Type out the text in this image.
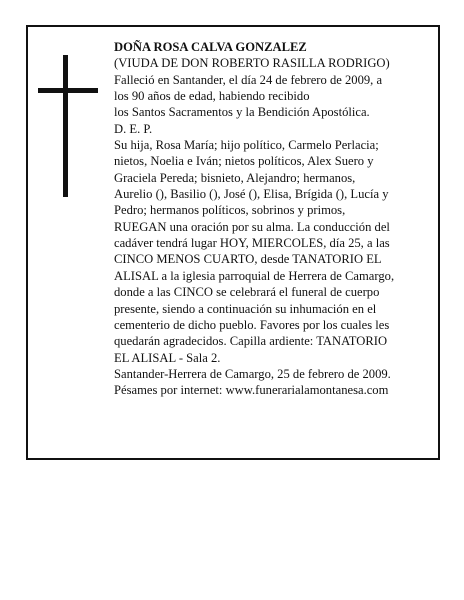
DOÑA ROSA CALVA GONZALEZ
(VIUDA DE DON ROBERTO RASILLA RODRIGO)
Falleció en Santander, el día 24 de febrero de 2009, a
los 90 años de edad, habiendo recibido
los Santos Sacramentos y la Bendición Apostólica.
D. E. P.
Su hija, Rosa María; hijo político, Carmelo Perlacia;
nietos, Noelia e Iván; nietos políticos, Alex Suero y
Graciela Pereda; bisnieto, Alejandro; hermanos,
Aurelio (), Basilio (), José (), Elisa, Brígida (), Lucía y
Pedro; hermanos políticos, sobrinos y primos,
RUEGAN una oración por su alma. La conducción del
cadáver tendrá lugar HOY, MIERCOLES, día 25, a las
CINCO MENOS CUARTO, desde TANATORIO EL
ALISAL a la iglesia parroquial de Herrera de Camargo,
donde a las CINCO se celebrará el funeral de cuerpo
presente, siendo a continuación su inhumación en el
cementerio de dicho pueblo. Favores por los cuales les
quedarán agradecidos. Capilla ardiente: TANATORIO
EL ALISAL - Sala 2.
Santander-Herrera de Camargo, 25 de febrero de 2009.
Pésames por internet: www.funerarialamontanesa.com
